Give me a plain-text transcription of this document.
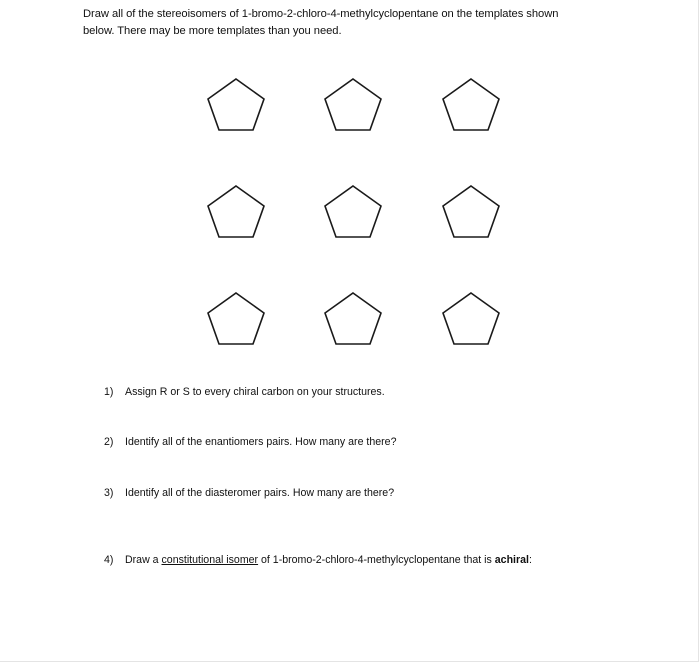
Draw all of the stereoisomers of 1-bromo-2-chloro-4-methylcyclopentane on the templates shown
below. There may be more templates than you need.
1) Assign R or S to every chiral carbon on your structures.
2) Identify all of the enantiomers pairs. How many are there?
3) Identify all of the diasteromer pairs. How many are there?
4) Draw a constitutional isomer of 1-bromo-2-chloro-4-methylcyclopentane that is achiral:
